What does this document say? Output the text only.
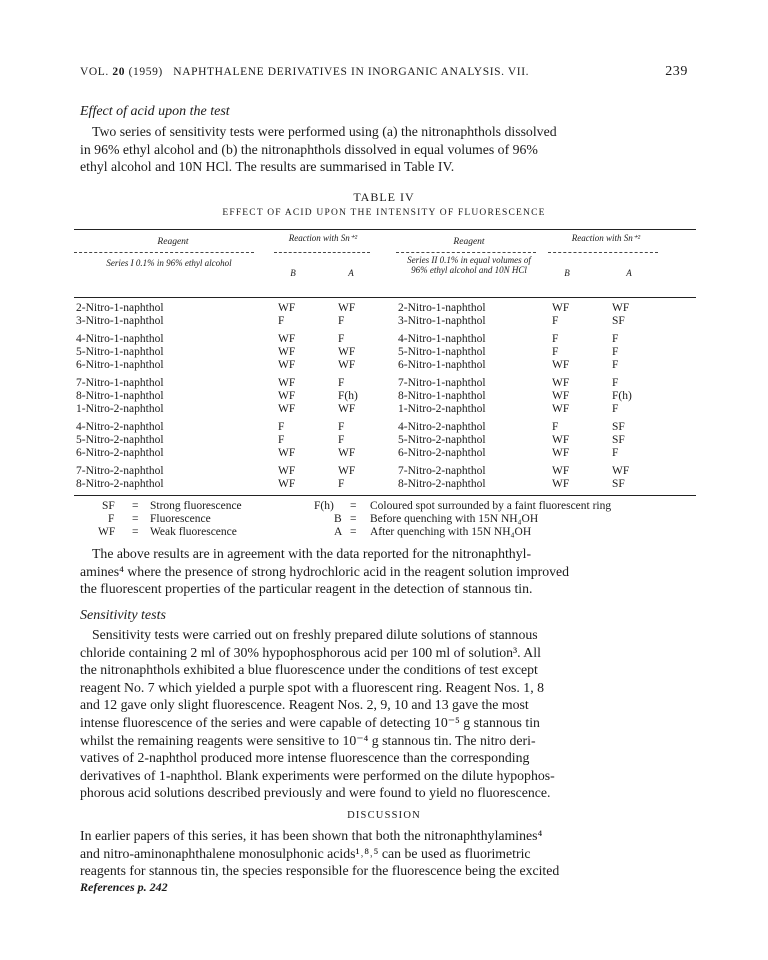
VOL. 20 (1959) NAPHTHALENE DERIVATIVES IN INORGANIC ANALYSIS. VII.	239
Effect of acid upon the test

Two series of sensitivity tests were performed using (a) the nitronaphthols dissolved
in 96% ethyl alcohol and (b) the nitronaphthols dissolved in equal volumes of 96%
ethyl alcohol and 10N HCl. The results are summarised in Table IV.

TABLE IV
EFFECT OF ACID UPON THE INTENSITY OF FLUORESCENCE
Reagent	Reaction with Sn⁺²	Reagent	Reaction with Sn⁺²
Series I 0.1% in 96% ethyl alcohol
B	A
Series II 0.1% in equal volumes of 96% ethyl alcohol and 10N HCl	B	A
2-Nitro-1-naphthol	WF	WF	2-Nitro-1-naphthol	WF	WF
3-Nitro-1-naphthol	F	F	3-Nitro-1-naphthol	F	SF
4-Nitro-1-naphthol	WF	F	4-Nitro-1-naphthol	F	F
5-Nitro-1-naphthol	WF	WF	5-Nitro-1-naphthol	F	F
6-Nitro-1-naphthol	WF	WF	6-Nitro-1-naphthol	WF	F
7-Nitro-1-naphthol	WF	F	7-Nitro-1-naphthol	WF	F
8-Nitro-1-naphthol	WF	F(h)	8-Nitro-1-naphthol	WF	F(h)
1-Nitro-2-naphthol	WF	WF	1-Nitro-2-naphthol	WF	F
4-Nitro-2-naphthol	F	F	4-Nitro-2-naphthol	F	SF
5-Nitro-2-naphthol	F	F	5-Nitro-2-naphthol	WF	SF
6-Nitro-2-naphthol	WF	WF	6-Nitro-2-naphthol	WF	F
7-Nitro-2-naphthol	WF	WF	7-Nitro-2-naphthol	WF	WF
8-Nitro-2-naphthol	WF	F	8-Nitro-2-naphthol	WF	SF
SF = Strong fluorescence	F(h) = Coloured spot surrounded by a faint fluorescent ring
F = Fluorescence	B = Before quenching with 15N NH₄OH
WF = Weak fluorescence	A = After quenching with 15N NH₄OH

The above results are in agreement with the data reported for the nitronaphthyl-
amines⁴ where the presence of strong hydrochloric acid in the reagent solution improved
the fluorescent properties of the particular reagent in the detection of stannous tin.

Sensitivity tests

Sensitivity tests were carried out on freshly prepared dilute solutions of stannous
chloride containing 2 ml of 30% hypophosphorous acid per 100 ml of solution³. All
the nitronaphthols exhibited a blue fluorescence under the conditions of test except
reagent No. 7 which yielded a purple spot with a fluorescent ring. Reagent Nos. 1, 8
and 12 gave only slight fluorescence. Reagent Nos. 2, 9, 10 and 13 gave the most
intense fluorescence of the series and were capable of detecting 10⁻⁵ g stannous tin
whilst the remaining reagents were sensitive to 10⁻⁴ g stannous tin. The nitro deri-
vatives of 2-naphthol produced more intense fluorescence than the corresponding
derivatives of 1-naphthol. Blank experiments were performed on the dilute hypophos-
phorous acid solutions described previously and were found to yield no fluorescence.

DISCUSSION

In earlier papers of this series, it has been shown that both the nitronaphthylamines⁴
and nitro-aminonaphthalene monosulphonic acids¹˒⁸˒⁵ can be used as fluorimetric
reagents for stannous tin, the species responsible for the fluorescence being the excited

References p. 242
